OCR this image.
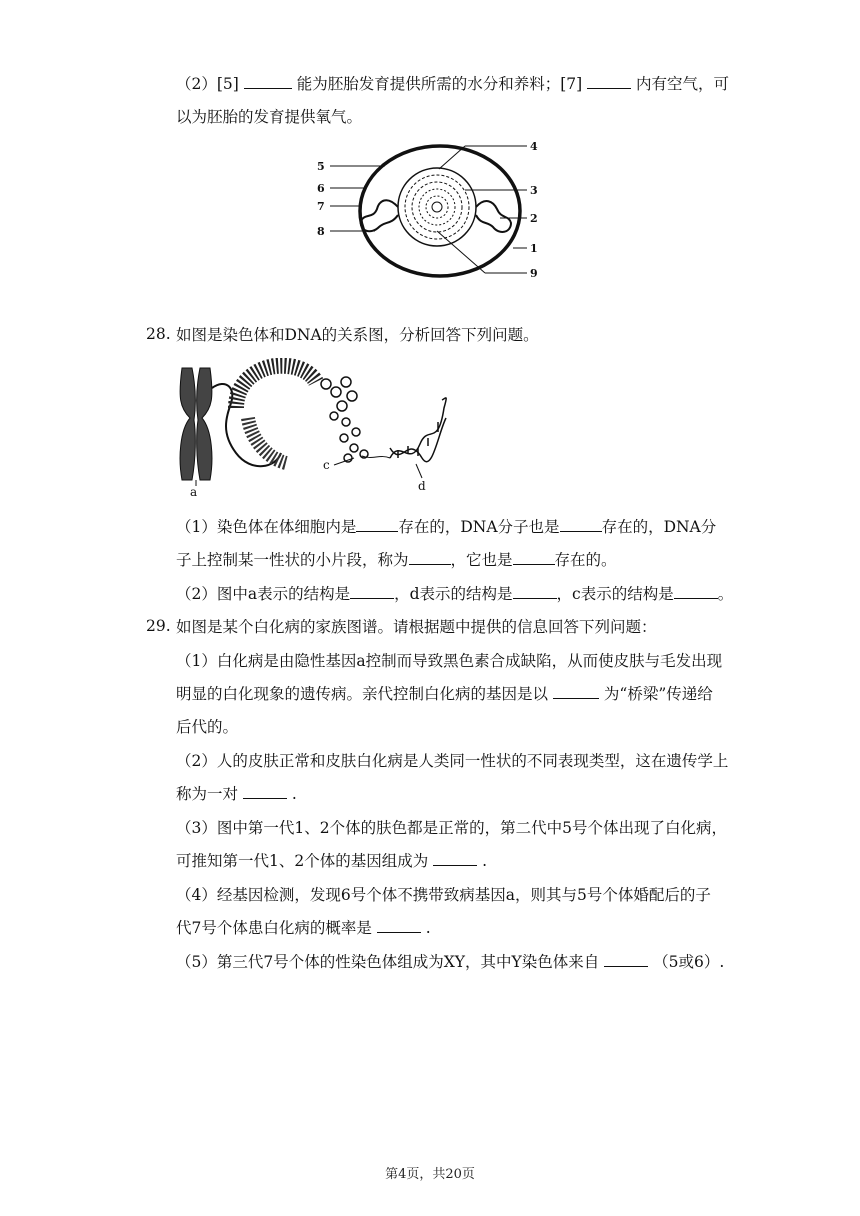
（2）[5]	能为胚胎发育提供所需的水分和养料；[7]	内有空气，可
以为胚胎的发育提供氧气。
5
6
7
8
4
3
2
1
9
28. 如图是染色体和DNA的关系图，分析回答下列问题。
a
c
d
（1）染色体在体细胞内是	存在的，DNA分子也是	存在的，DNA分
子上控制某一性状的小片段，称为	，它也是	存在的。
（2）图中a表示的结构是	，d表示的结构是	，c表示的结构是	。
29. 如图是某个白化病的家族图谱。请根据题中提供的信息回答下列问题：
（1）白化病是由隐性基因a控制而导致黑色素合成缺陷，从而使皮肤与毛发出现
明显的白化现象的遗传病。亲代控制白化病的基因是以	为“桥梁”传递给
后代的。
（2）人的皮肤正常和皮肤白化病是人类同一性状的不同表现类型，这在遗传学上
称为一对	.
（3）图中第一代1、2个体的肤色都是正常的，第二代中5号个体出现了白化病，
可推知第一代1、2个体的基因组成为	.
（4）经基因检测，发现6号个体不携带致病基因a，则其与5号个体婚配后的子
代7号个体患白化病的概率是	.
（5）第三代7号个体的性染色体组成为XY，其中Y染色体来自	（5或6）.
第4页，共20页
